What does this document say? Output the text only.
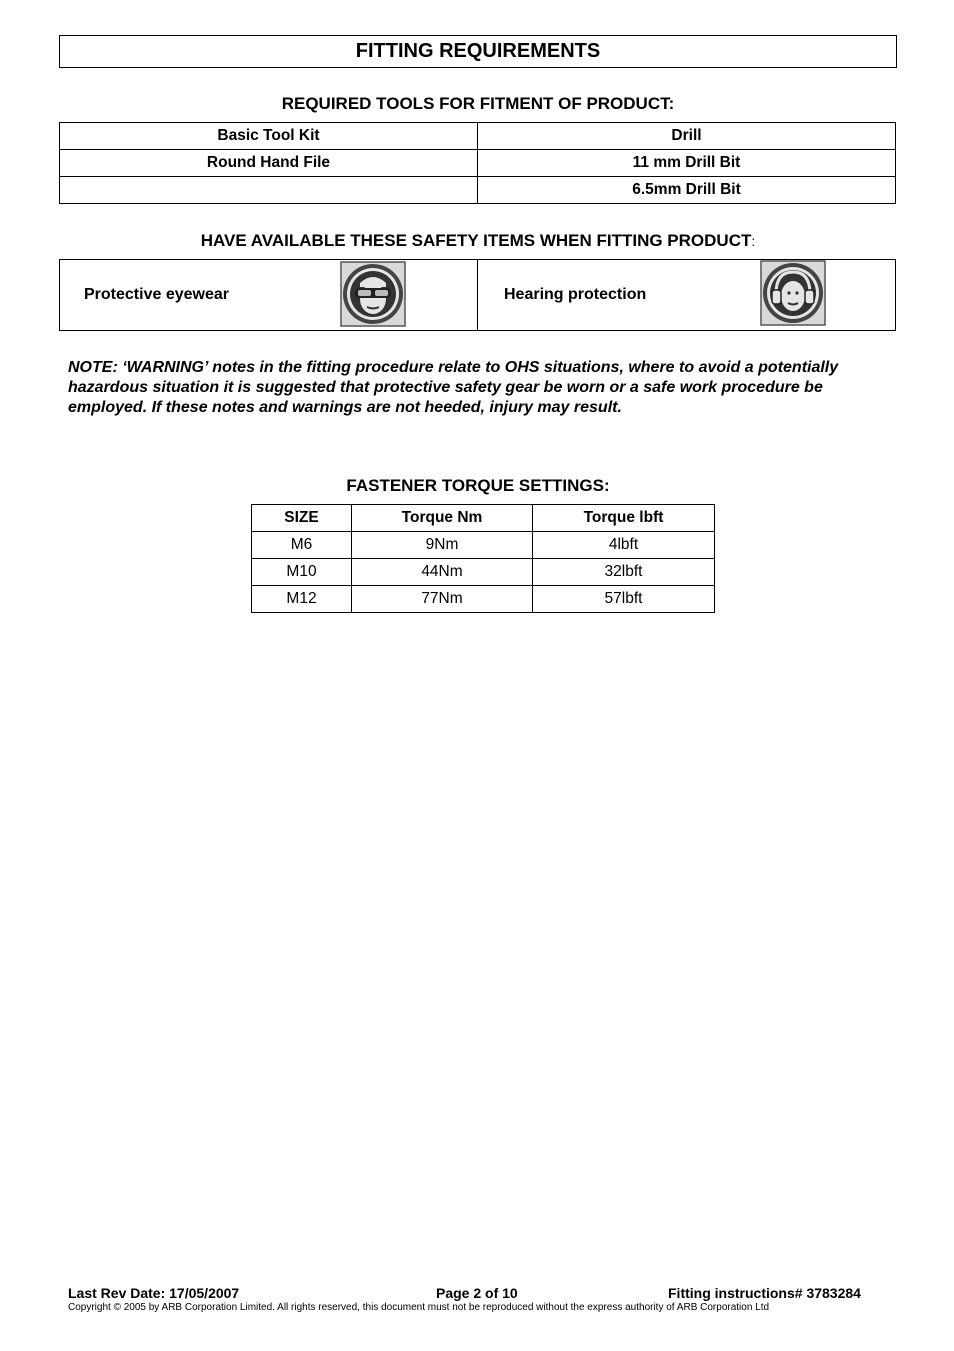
FITTING REQUIREMENTS
REQUIRED TOOLS FOR FITMENT OF PRODUCT:
Basic Tool Kit	Drill
Round Hand File	11 mm Drill Bit
	6.5mm Drill Bit
HAVE AVAILABLE THESE SAFETY ITEMS WHEN FITTING PRODUCT:
Protective eyewear	Hearing protection
NOTE: ‘WARNING’ notes in the fitting procedure relate to OHS situations, where to avoid a potentially hazardous situation it is suggested that protective safety gear be worn or a safe work procedure be employed. If these notes and warnings are not heeded, injury may result.
FASTENER TORQUE SETTINGS:
SIZE	Torque Nm	Torque lbft
M6	9Nm	4lbft
M10	44Nm	32lbft
M12	77Nm	57lbft
Last Rev Date: 17/05/2007	Page 2 of 10	Fitting instructions# 3783284
Copyright © 2005 by ARB Corporation Limited. All rights reserved, this document must not be reproduced without the express authority of ARB Corporation Ltd
